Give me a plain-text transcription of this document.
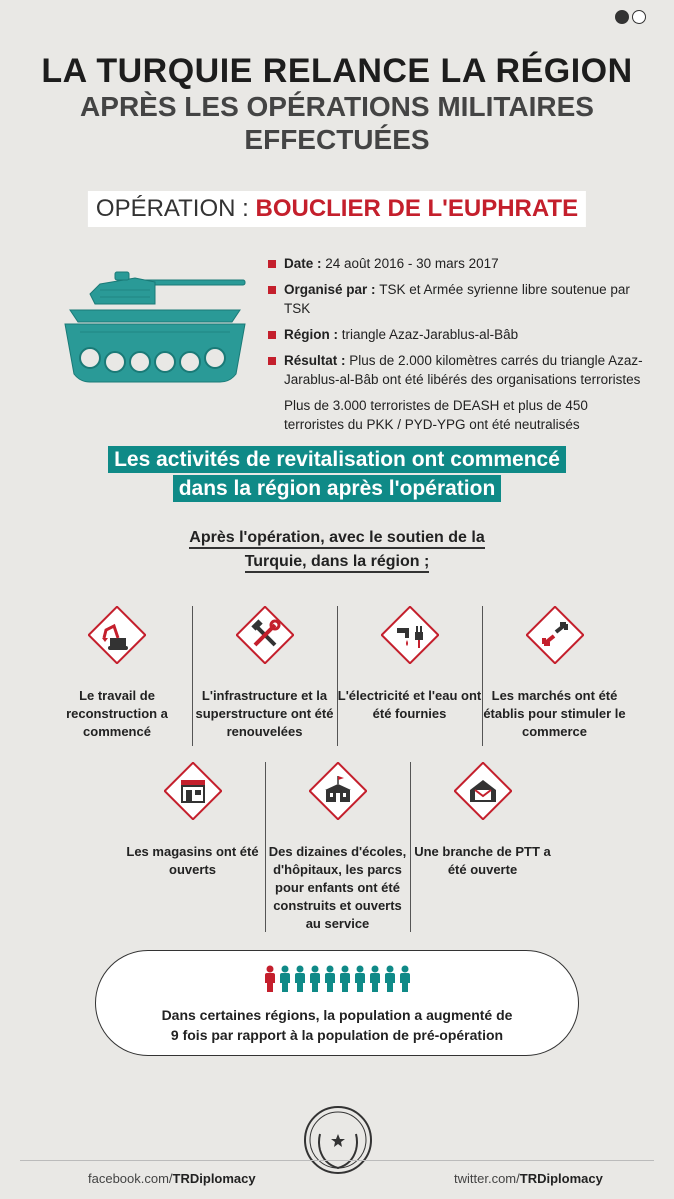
LA TURQUIE RELANCE LA RÉGION
APRÈS LES OPÉRATIONS MILITAIRES EFFECTUÉES
OPÉRATION : BOUCLIER DE L'EUPHRATE
Date : 24 août 2016 - 30 mars 2017
Organisé par : TSK et Armée syrienne libre soutenue par TSK
Région : triangle Azaz-Jarablus-al-Bâb
Résultat : Plus de 2.000 kilomètres carrés du triangle Azaz-Jarablus-al-Bâb ont été libérés des organisations terroristes
Plus de 3.000 terroristes de DEASH et plus de 450 terroristes du PKK / PYD-YPG ont été neutralisés
Les activités de revitalisation ont commencé
dans la région après l'opération
Après l'opération, avec le soutien de la
Turquie, dans la région ;
Le travail de reconstruction a commencé
L'infrastructure et la superstructure ont été renouvelées
L'électricité et l'eau ont été fournies
Les marchés ont été établis pour stimuler le commerce
Les magasins ont été ouverts
Des dizaines d'écoles, d'hôpitaux, les parcs pour enfants ont été construits et ouverts au service
Une branche de PTT a été ouverte
Dans certaines régions, la population a augmenté de
9 fois par rapport à la population de pré-opération
facebook.com/TRDiplomacy	twitter.com/TRDiplomacy
